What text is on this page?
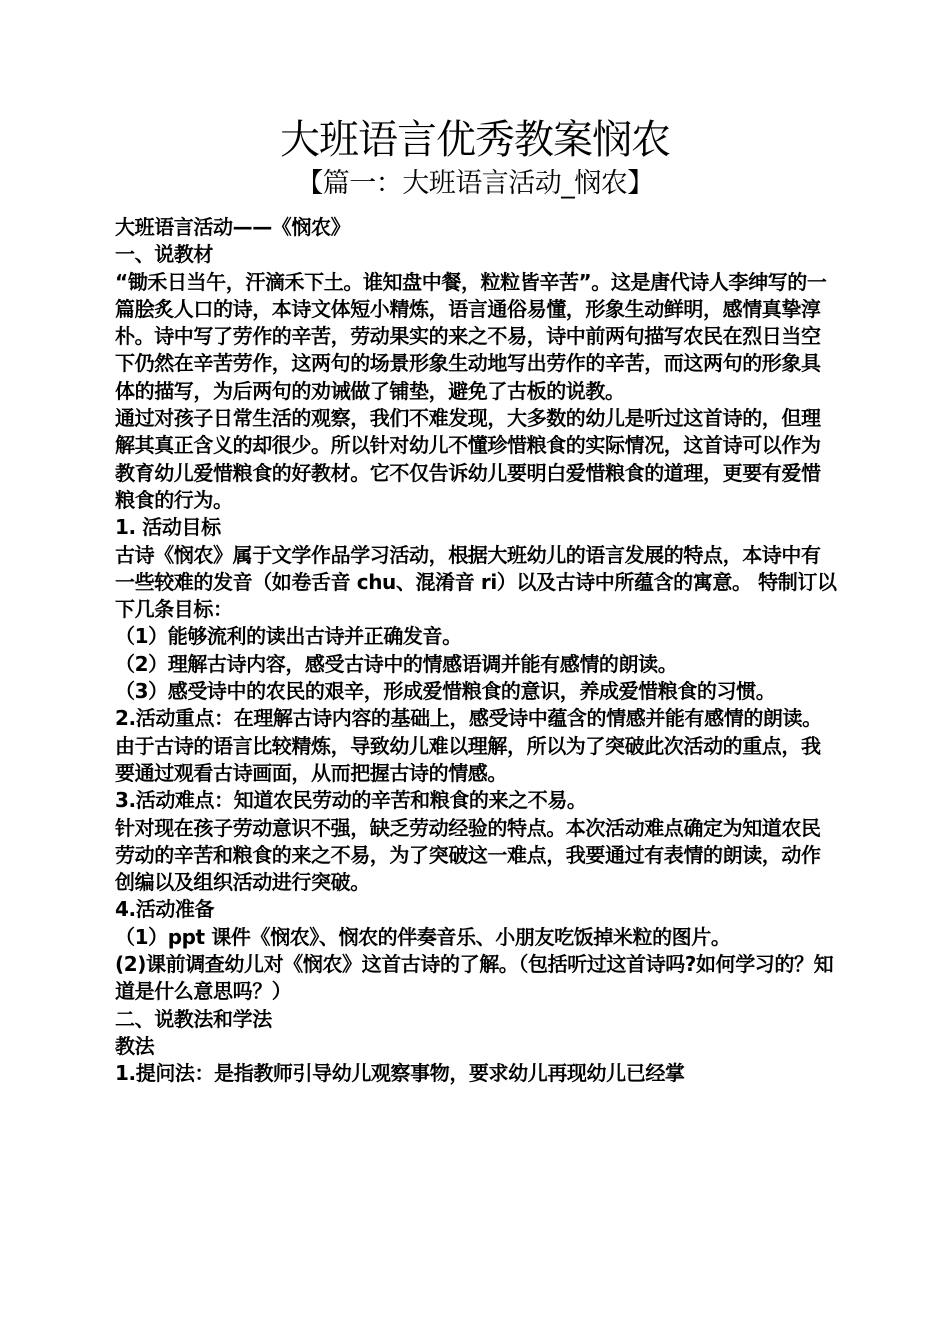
大班语言优秀教案悯农
【篇一：大班语言活动_悯农】

大班语言活动——《悯农》

一、说教材

“锄禾日当午，汗滴禾下土。谁知盘中餐，粒粒皆辛苦”。这是唐代诗人李绅写的一篇脍炙人口的诗，本诗文体短小精炼，语言通俗易懂，形象生动鲜明，感情真挚淳朴。诗中写了劳作的辛苦，劳动果实的来之不易，诗中前两句描写农民在烈日当空下仍然在辛苦劳作，这两句的场景形象生动地写出劳作的辛苦，而这两句的形象具体的描写，为后两句的劝诫做了铺垫，避免了古板的说教。

通过对孩子日常生活的观察，我们不难发现，大多数的幼儿是听过这首诗的，但理解其真正含义的却很少。所以针对幼儿不懂珍惜粮食的实际情况，这首诗可以作为教育幼儿爱惜粮食的好教材。它不仅告诉幼儿要明白爱惜粮食的道理，更要有爱惜粮食的行为。

1. 活动目标

古诗《悯农》属于文学作品学习活动，根据大班幼儿的语言发展的特点，本诗中有一些较难的发音（如卷舌音 chu、混淆音 ri）以及古诗中所蕴含的寓意。 特制订以下几条目标：

（1）能够流利的读出古诗并正确发音。

（2）理解古诗内容，感受古诗中的情感语调并能有感情的朗读。

（3）感受诗中的农民的艰辛，形成爱惜粮食的意识，养成爱惜粮食的习惯。

2.活动重点：在理解古诗内容的基础上，感受诗中蕴含的情感并能有感情的朗读。 由于古诗的语言比较精炼，导致幼儿难以理解，所以为了突破此次活动的重点，我要通过观看古诗画面，从而把握古诗的情感。

3.活动难点：知道农民劳动的辛苦和粮食的来之不易。

针对现在孩子劳动意识不强，缺乏劳动经验的特点。本次活动难点确定为知道农民劳动的辛苦和粮食的来之不易，为了突破这一难点，我要通过有表情的朗读，动作创编以及组织活动进行突破。

4.活动准备

（1）ppt 课件《悯农》、悯农的伴奏音乐、小朋友吃饭掉米粒的图片。

(2)课前调查幼儿对《悯农》这首古诗的了解。（包括听过这首诗吗?如何学习的？知道是什么意思吗？）

二、说教法和学法

教法

1.提问法：是指教师引导幼儿观察事物，要求幼儿再现幼儿已经掌
